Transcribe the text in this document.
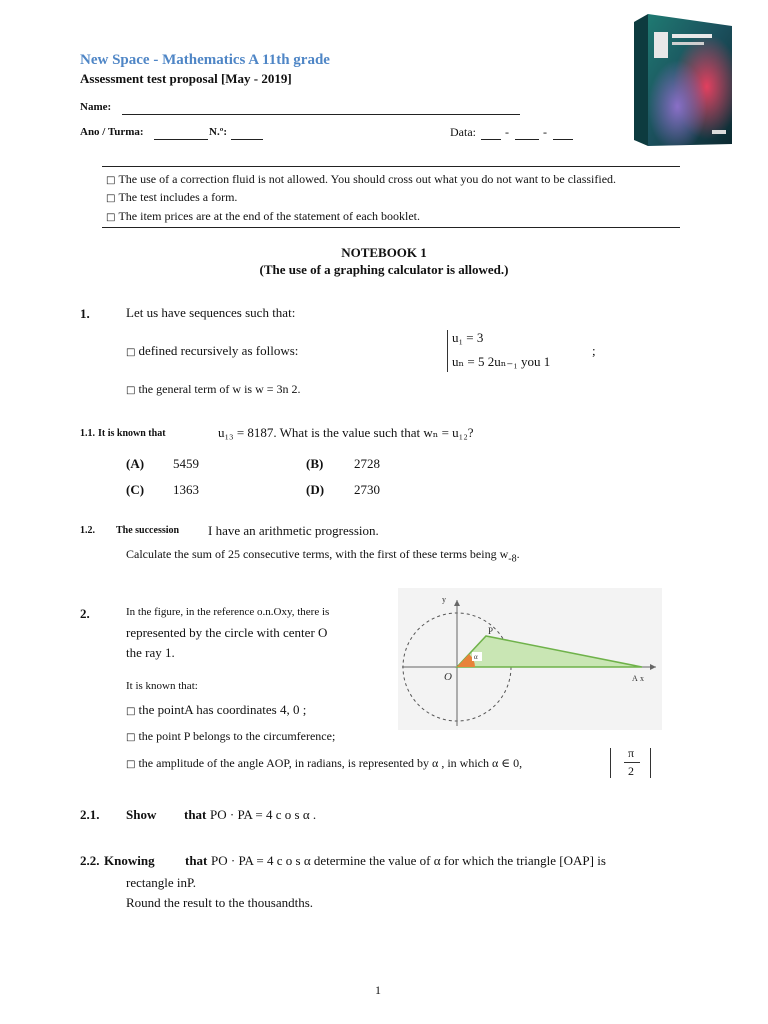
New Space - Mathematics A 11th grade
Assessment test proposal [May - 2019]
Name:
Ano / Turma:	N.º:	Data: -	-
□ The use of a correction fluid is not allowed. You should cross out what you do not want to be classified.
□ The test includes a form.
□ The item prices are at the end of the statement of each booklet.
NOTEBOOK 1
(The use of a graphing calculator is allowed.)
1.	Let us have sequences such that:
□ defined recursively as follows:
u₁ = 3
uₙ = 5 2uₙ₋₁ you 1
;
□ the general term of w is w = 3n 2.
1.1. It is known that	u₁₃ = 8187. What is the value such that wₙ = u₁₂?
(A) 5459	(B) 2728
(C) 1363	(D) 2730
1.2. The succession I have an arithmetic progression.
Calculate the sum of 25 consecutive terms, with the first of these terms being $w_{-8}$.
2.	In the figure, in the reference o.n.Oxy, there is
represented by the circle with center O
the ray 1.
It is known that:
□ the pointA has coordinates 4, 0 ;
□ the point P belongs to the circumference;
□ the amplitude of the angle AOP, in radians, is represented by α , in which α ∈ 0,
π
2
y
O
P
A x
α
2.1. Show that PO · PA = 4 c o s α .
2.2. Knowing that PO · PA = 4 c o s α determine the value of α for which the triangle [OAP] is
rectangle inP.
Round the result to the thousandths.
1
